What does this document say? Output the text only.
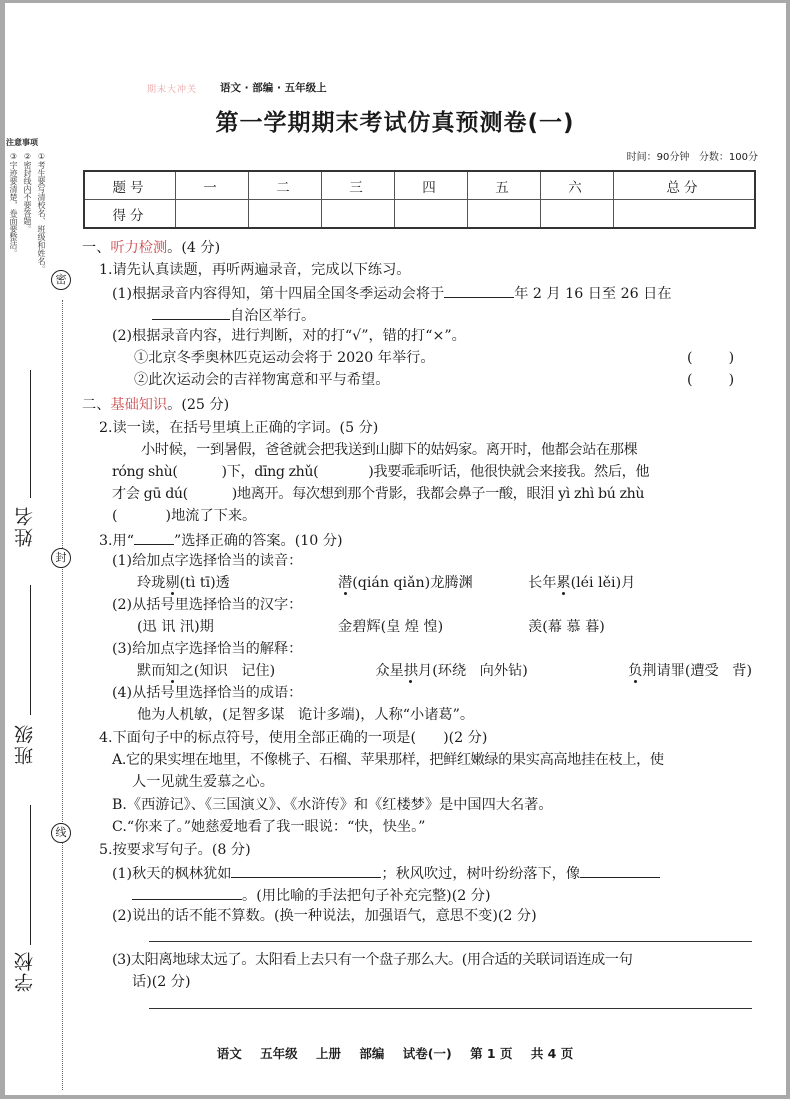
注意事项
①考生要写清校名、班级和姓名。
②密封线内不要答题。
③字迹要清楚，卷面要整洁。
密
封
线
姓名
班级
学校
期末大冲关 语文 · 部编 · 五年级上
第一学期期末考试仿真预测卷(一)
时间：90分钟   分数：100分
题号	一	二	三	四	五	六	总分
得分							
一、听力检测。(4 分)
1.请先认真读题，再听两遍录音，完成以下练习。
(1)根据录音内容得知，第十四届全国冬季运动会将于	年 2 月 16 日至 26 日在
自治区举行。
(2)根据录音内容，进行判断，对的打“√”，错的打“×”。
①北京冬季奥林匹克运动会将于 2020 年举行。	(        )
②此次运动会的吉祥物寓意和平与希望。	(        )
二、基础知识。(25 分)
2.读一读，在括号里填上正确的字词。(5 分)
小时候，一到暑假，爸爸就会把我送到山脚下的姑妈家。离开时，他都会站在那棵
róng shù(	)下，dīng zhǔ(	)我要乖乖听话，他很快就会来接我。然后，他
才会 gū dú(	)地离开。每次想到那个背影，我都会鼻子一酸，眼泪 yì zhì bú zhù
(	)地流了下来。
3.用“	”选择正确的答案。(10 分)
(1)给加点字选择恰当的读音：
玲珑剔(tì tī)透	潜(qián qiǎn)龙腾渊	长年累(léi lěi)月
(2)从括号里选择恰当的汉字：
(迅 讯 汛)期	金碧辉(皇 煌 惶)	羡(幕 慕 暮)
(3)给加点字选择恰当的解释：
默而知之(知识   记住)	众星拱月(环绕   向外钻)	负荆请罪(遭受   背)
(4)从括号里选择恰当的成语：
他为人机敏，(足智多谋   诡计多端)，人称“小诸葛”。
4.下面句子中的标点符号，使用全部正确的一项是(      )(2 分)
A.它的果实埋在地里，不像桃子、石榴、苹果那样，把鲜红嫩绿的果实高高地挂在枝上，使
人一见就生爱慕之心。
B.《西游记》、《三国演义》、《水浒传》和《红楼梦》是中国四大名著。
C.“你来了。”她慈爱地看了我一眼说：“快，快坐。”
5.按要求写句子。(8 分)
(1)秋天的枫林犹如	；秋风吹过，树叶纷纷落下，像
。(用比喻的手法把句子补充完整)(2 分)
(2)说出的话不能不算数。(换一种说法，加强语气，意思不变)(2 分)
(3)太阳离地球太远了。太阳看上去只有一个盘子那么大。(用合适的关联词语连成一句
话)(2 分)
语文 五年级 上册 部编 试卷(一) 第 1 页 共 4 页
